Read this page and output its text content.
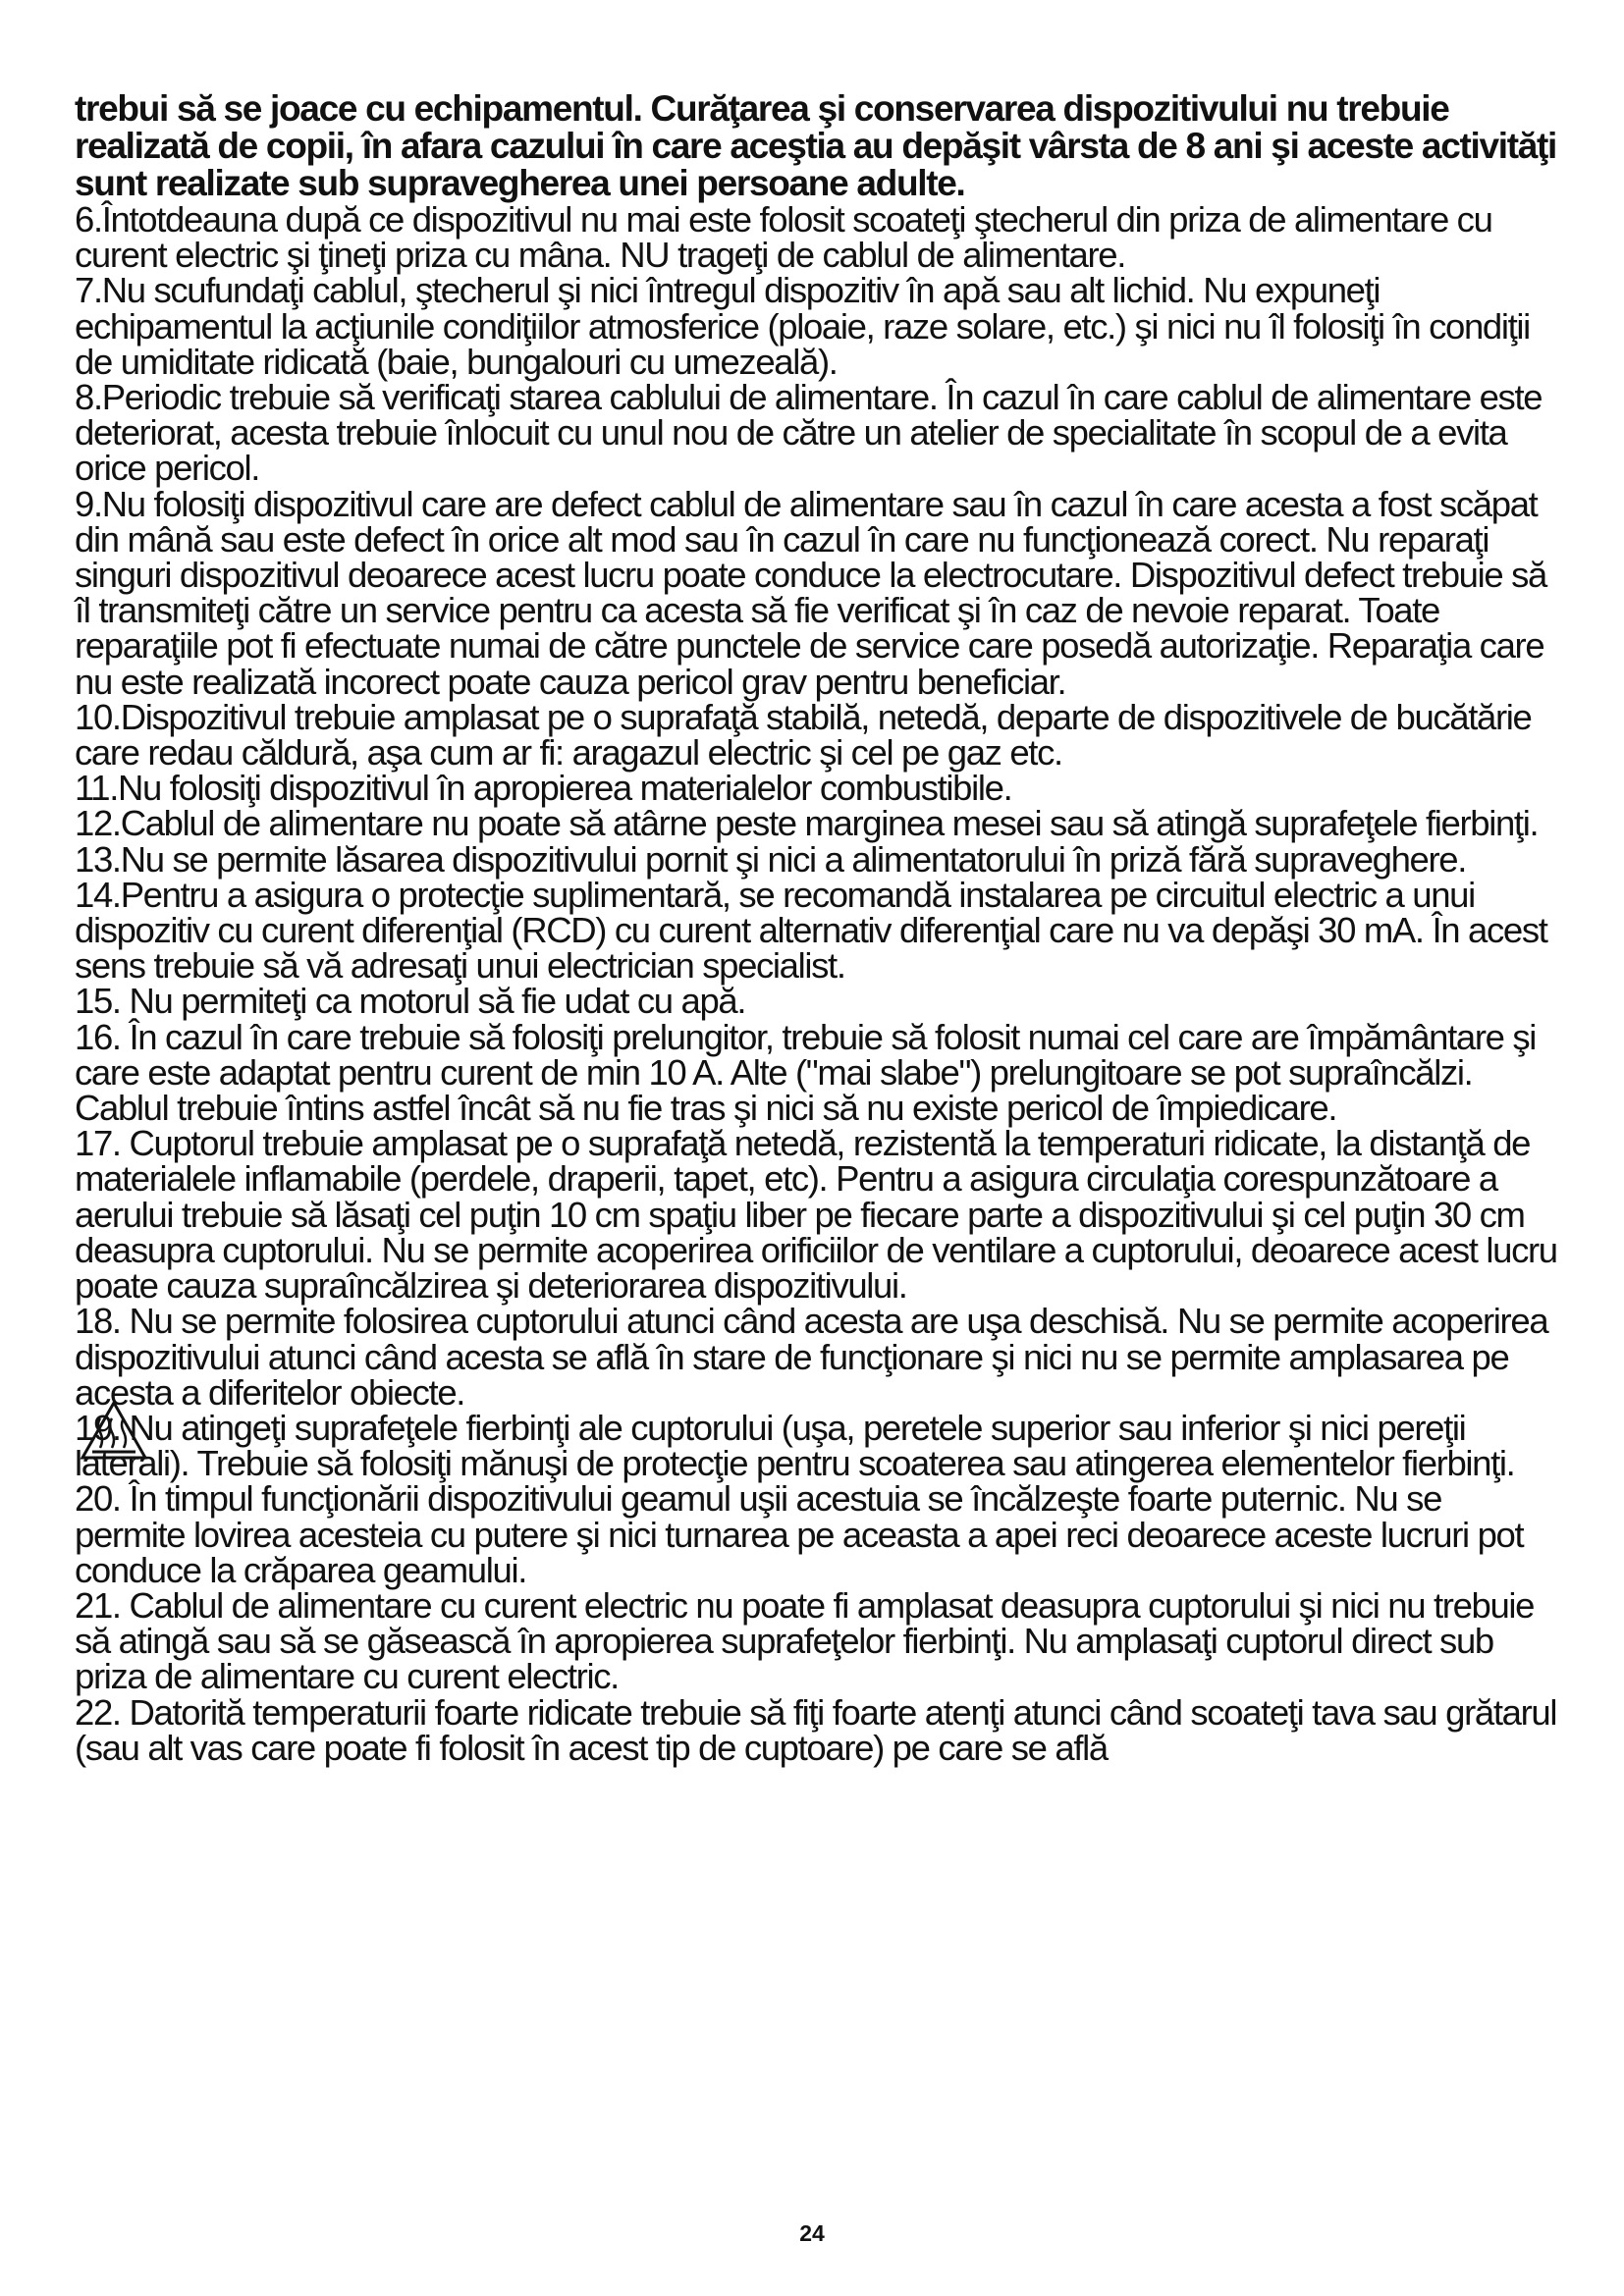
trebui să se joace cu echipamentul. Curăţarea şi conservarea dispozitivului nu trebuie realizată de copii, în afara cazului în care aceştia au depăşit vârsta de 8 ani şi aceste activităţi sunt realizate sub supravegherea unei persoane adulte.

6.Întotdeauna după ce dispozitivul nu mai este folosit scoateţi ştecherul din priza de alimentare cu curent electric şi ţineţi priza cu mâna. NU trageţi de cablul de alimentare.

7.Nu scufundaţi cablul, ştecherul şi nici întregul dispozitiv în apă sau alt lichid. Nu expuneţi echipamentul la acţiunile condiţiilor atmosferice (ploaie, raze solare, etc.) şi nici nu îl folosiţi în condiţii de umiditate ridicată (baie, bungalouri cu umezeală).

8.Periodic trebuie să verificaţi starea cablului de alimentare. În cazul în care cablul de alimentare este deteriorat, acesta trebuie înlocuit cu unul nou de către un atelier de specialitate în scopul de a evita orice pericol.

9.Nu folosiţi dispozitivul care are defect cablul de alimentare sau în cazul în care acesta a fost scăpat din mână sau este defect în orice alt mod sau în cazul în care nu funcţionează corect. Nu reparaţi singuri dispozitivul deoarece acest lucru poate conduce la electrocutare. Dispozitivul defect trebuie să îl transmiteţi către un service pentru ca acesta să fie verificat şi în caz de nevoie reparat. Toate reparaţiile pot fi efectuate numai de către punctele de service care posedă autorizaţie. Reparaţia care nu este realizată incorect poate cauza pericol grav pentru beneficiar.

10.Dispozitivul trebuie amplasat pe o suprafaţă stabilă, netedă, departe de dispozitivele de bucătărie care redau căldură, aşa cum ar fi: aragazul electric şi cel pe gaz etc.

11.Nu folosiţi dispozitivul în apropierea materialelor combustibile.

12.Cablul de alimentare nu poate să atârne peste marginea mesei sau să atingă suprafeţele fierbinţi.

13.Nu se permite lăsarea dispozitivului pornit şi nici a alimentatorului în priză fără supraveghere.

14.Pentru a asigura o protecţie suplimentară, se recomandă instalarea pe circuitul electric a unui dispozitiv cu curent diferenţial (RCD) cu curent alternativ diferenţial care nu va depăşi 30 mA. În acest sens trebuie să vă adresaţi unui electrician specialist.

15. Nu permiteţi ca motorul să fie udat cu apă.

16. În cazul în care trebuie să folosiţi prelungitor, trebuie să folosit numai cel care are împământare şi care este adaptat pentru curent de min 10 A. Alte ("mai slabe") prelungitoare se pot supraîncălzi. Cablul trebuie întins astfel încât să nu fie tras şi nici să nu existe pericol de împiedicare.

17. Cuptorul trebuie amplasat pe o suprafaţă netedă, rezistentă la temperaturi ridicate, la distanţă de materialele inflamabile (perdele, draperii, tapet, etc). Pentru a asigura circulaţia corespunzătoare a aerului trebuie să lăsaţi cel puţin 10 cm spaţiu liber pe fiecare parte a dispozitivului şi cel puţin 30 cm deasupra cuptorului. Nu se permite acoperirea orificiilor de ventilare a cuptorului, deoarece acest lucru poate cauza supraîncălzirea şi deteriorarea dispozitivului.

18. Nu se permite folosirea cuptorului atunci când acesta are uşa deschisă. Nu se permite acoperirea dispozitivului atunci când acesta se află în stare de funcţionare şi nici nu se permite amplasarea pe acesta a diferitelor obiecte.

19. Nu atingeţi suprafeţele fierbinţi ale cuptorului (uşa, peretele superior sau inferior şi nici pereţii laterali). Trebuie să folosiţi mănuşi de protecţie pentru scoaterea sau atingerea elementelor fierbinţi.

20. În timpul funcţionării dispozitivului geamul uşii acestuia se încălzeşte foarte puternic. Nu se permite lovirea acesteia cu putere şi nici turnarea pe aceasta a apei reci deoarece aceste lucruri pot conduce la crăparea geamului.

21. Cablul de alimentare cu curent electric nu poate fi amplasat deasupra cuptorului şi nici nu trebuie să atingă sau să se găsească în apropierea suprafeţelor fierbinţi. Nu amplasaţi cuptorul direct sub priza de alimentare cu curent electric.

22. Datorită temperaturii foarte ridicate trebuie să fiţi foarte atenţi atunci când scoateţi tava sau grătarul (sau alt vas care poate fi folosit în acest tip de cuptoare) pe care se află

24
